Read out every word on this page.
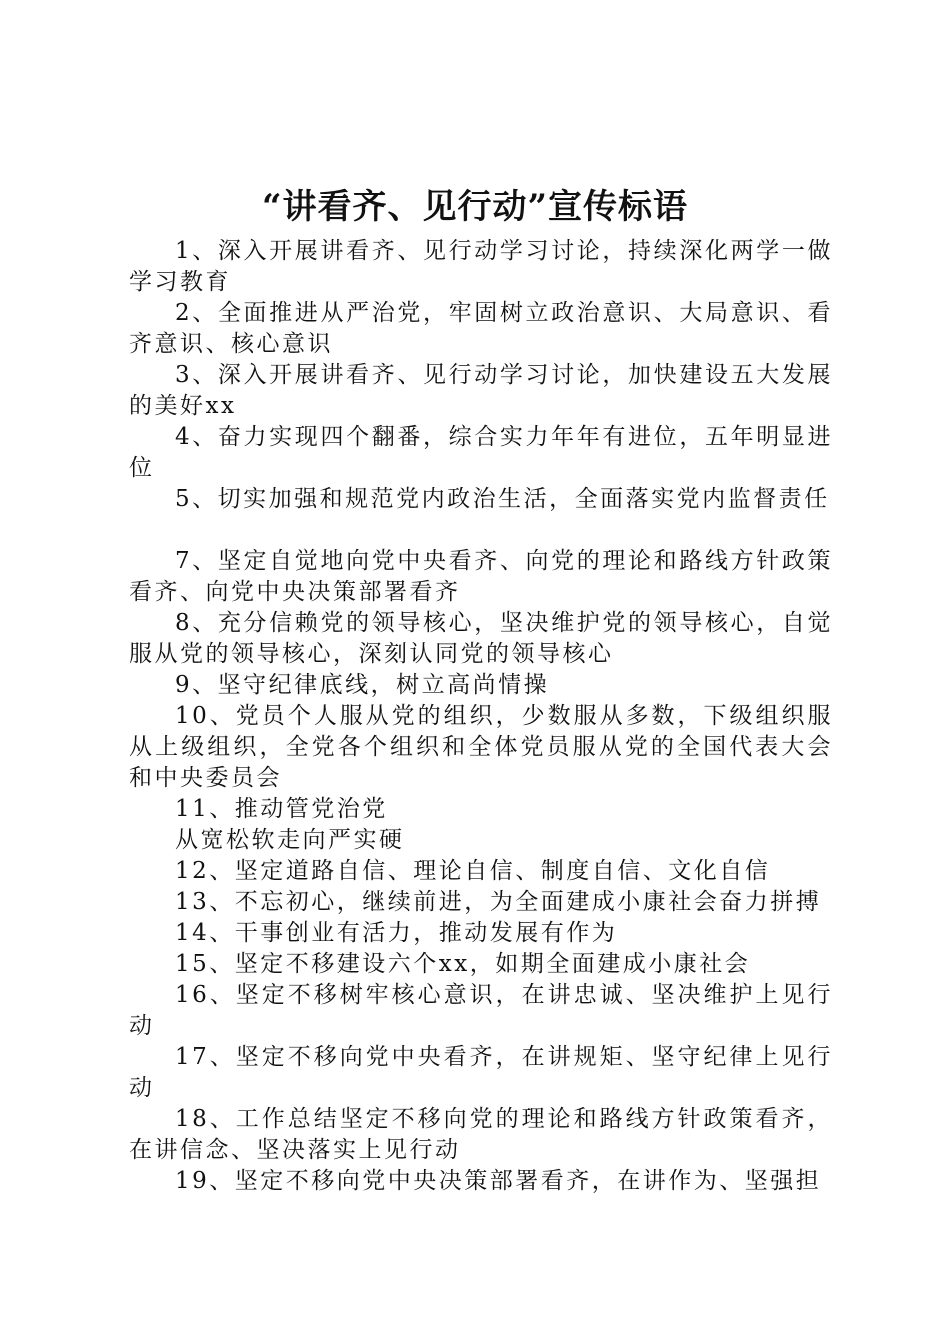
“讲看齐、见行动”宣传标语

1、深入开展讲看齐、见行动学习讨论，持续深化两学一做学习教育

2、全面推进从严治党，牢固树立政治意识、大局意识、看齐意识、核心意识

3、深入开展讲看齐、见行动学习讨论，加快建设五大发展的美好xx

4、奋力实现四个翻番，综合实力年年有进位，五年明显进位

5、切实加强和规范党内政治生活，全面落实党内监督责任

7、坚定自觉地向党中央看齐、向党的理论和路线方针政策看齐、向党中央决策部署看齐

8、充分信赖党的领导核心，坚决维护党的领导核心，自觉服从党的领导核心，深刻认同党的领导核心

9、坚守纪律底线，树立高尚情操

10、党员个人服从党的组织，少数服从多数，下级组织服从上级组织，全党各个组织和全体党员服从党的全国代表大会和中央委员会

11、推动管党治党

从宽松软走向严实硬

12、坚定道路自信、理论自信、制度自信、文化自信

13、不忘初心，继续前进，为全面建成小康社会奋力拼搏

14、干事创业有活力，推动发展有作为

15、坚定不移建设六个xx，如期全面建成小康社会

16、坚定不移树牢核心意识，在讲忠诚、坚决维护上见行动

17、坚定不移向党中央看齐，在讲规矩、坚守纪律上见行动

18、工作总结坚定不移向党的理论和路线方针政策看齐，在讲信念、坚决落实上见行动

19、坚定不移向党中央决策部署看齐，在讲作为、坚强担
